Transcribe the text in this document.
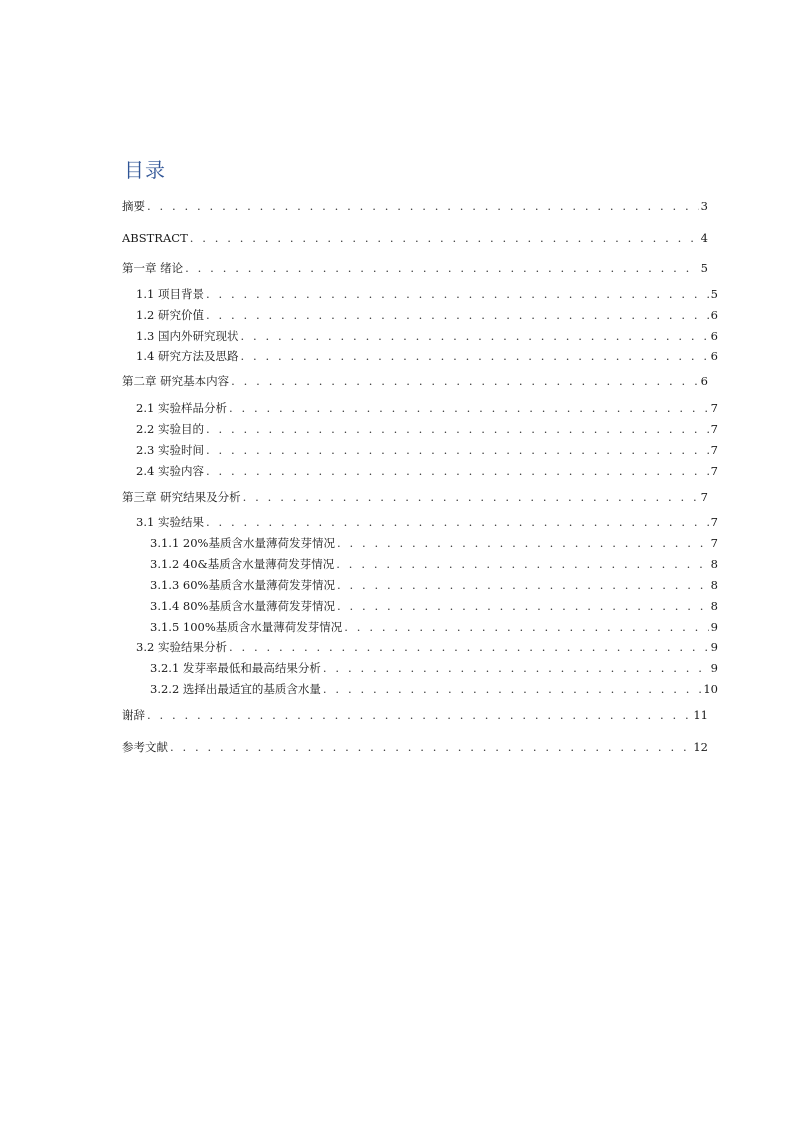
目录
摘要 . . .	3
ABSTRACT . . .	4
第一章 绪论 . . .	5
1.1 项目背景 . . .	5
1.2 研究价值 . . .	6
1.3 国内外研究现状 . . .	6
1.4 研究方法及思路 . . .	6
第二章 研究基本内容 . . .	6
2.1 实验样品分析 . . .	7
2.2 实验目的 . . .	7
2.3 实验时间 . . .	7
2.4 实验内容 . . .	7
第三章 研究结果及分析 . . .	7
3.1 实验结果 . . .	7
3.1.1 20%基质含水量薄荷发芽情况 . . .	7
3.1.2 40&基质含水量薄荷发芽情况 . . .	8
3.1.3 60%基质含水量薄荷发芽情况 . . .	8
3.1.4 80%基质含水量薄荷发芽情况 . . .	8
3.1.5 100%基质含水量薄荷发芽情况 . . .	9
3.2 实验结果分析 . . .	9
3.2.1 发芽率最低和最高结果分析 . . .	9
3.2.2 选择出最适宜的基质含水量 . . .	10
谢辞 . . .	11
参考文献 . . .	12
